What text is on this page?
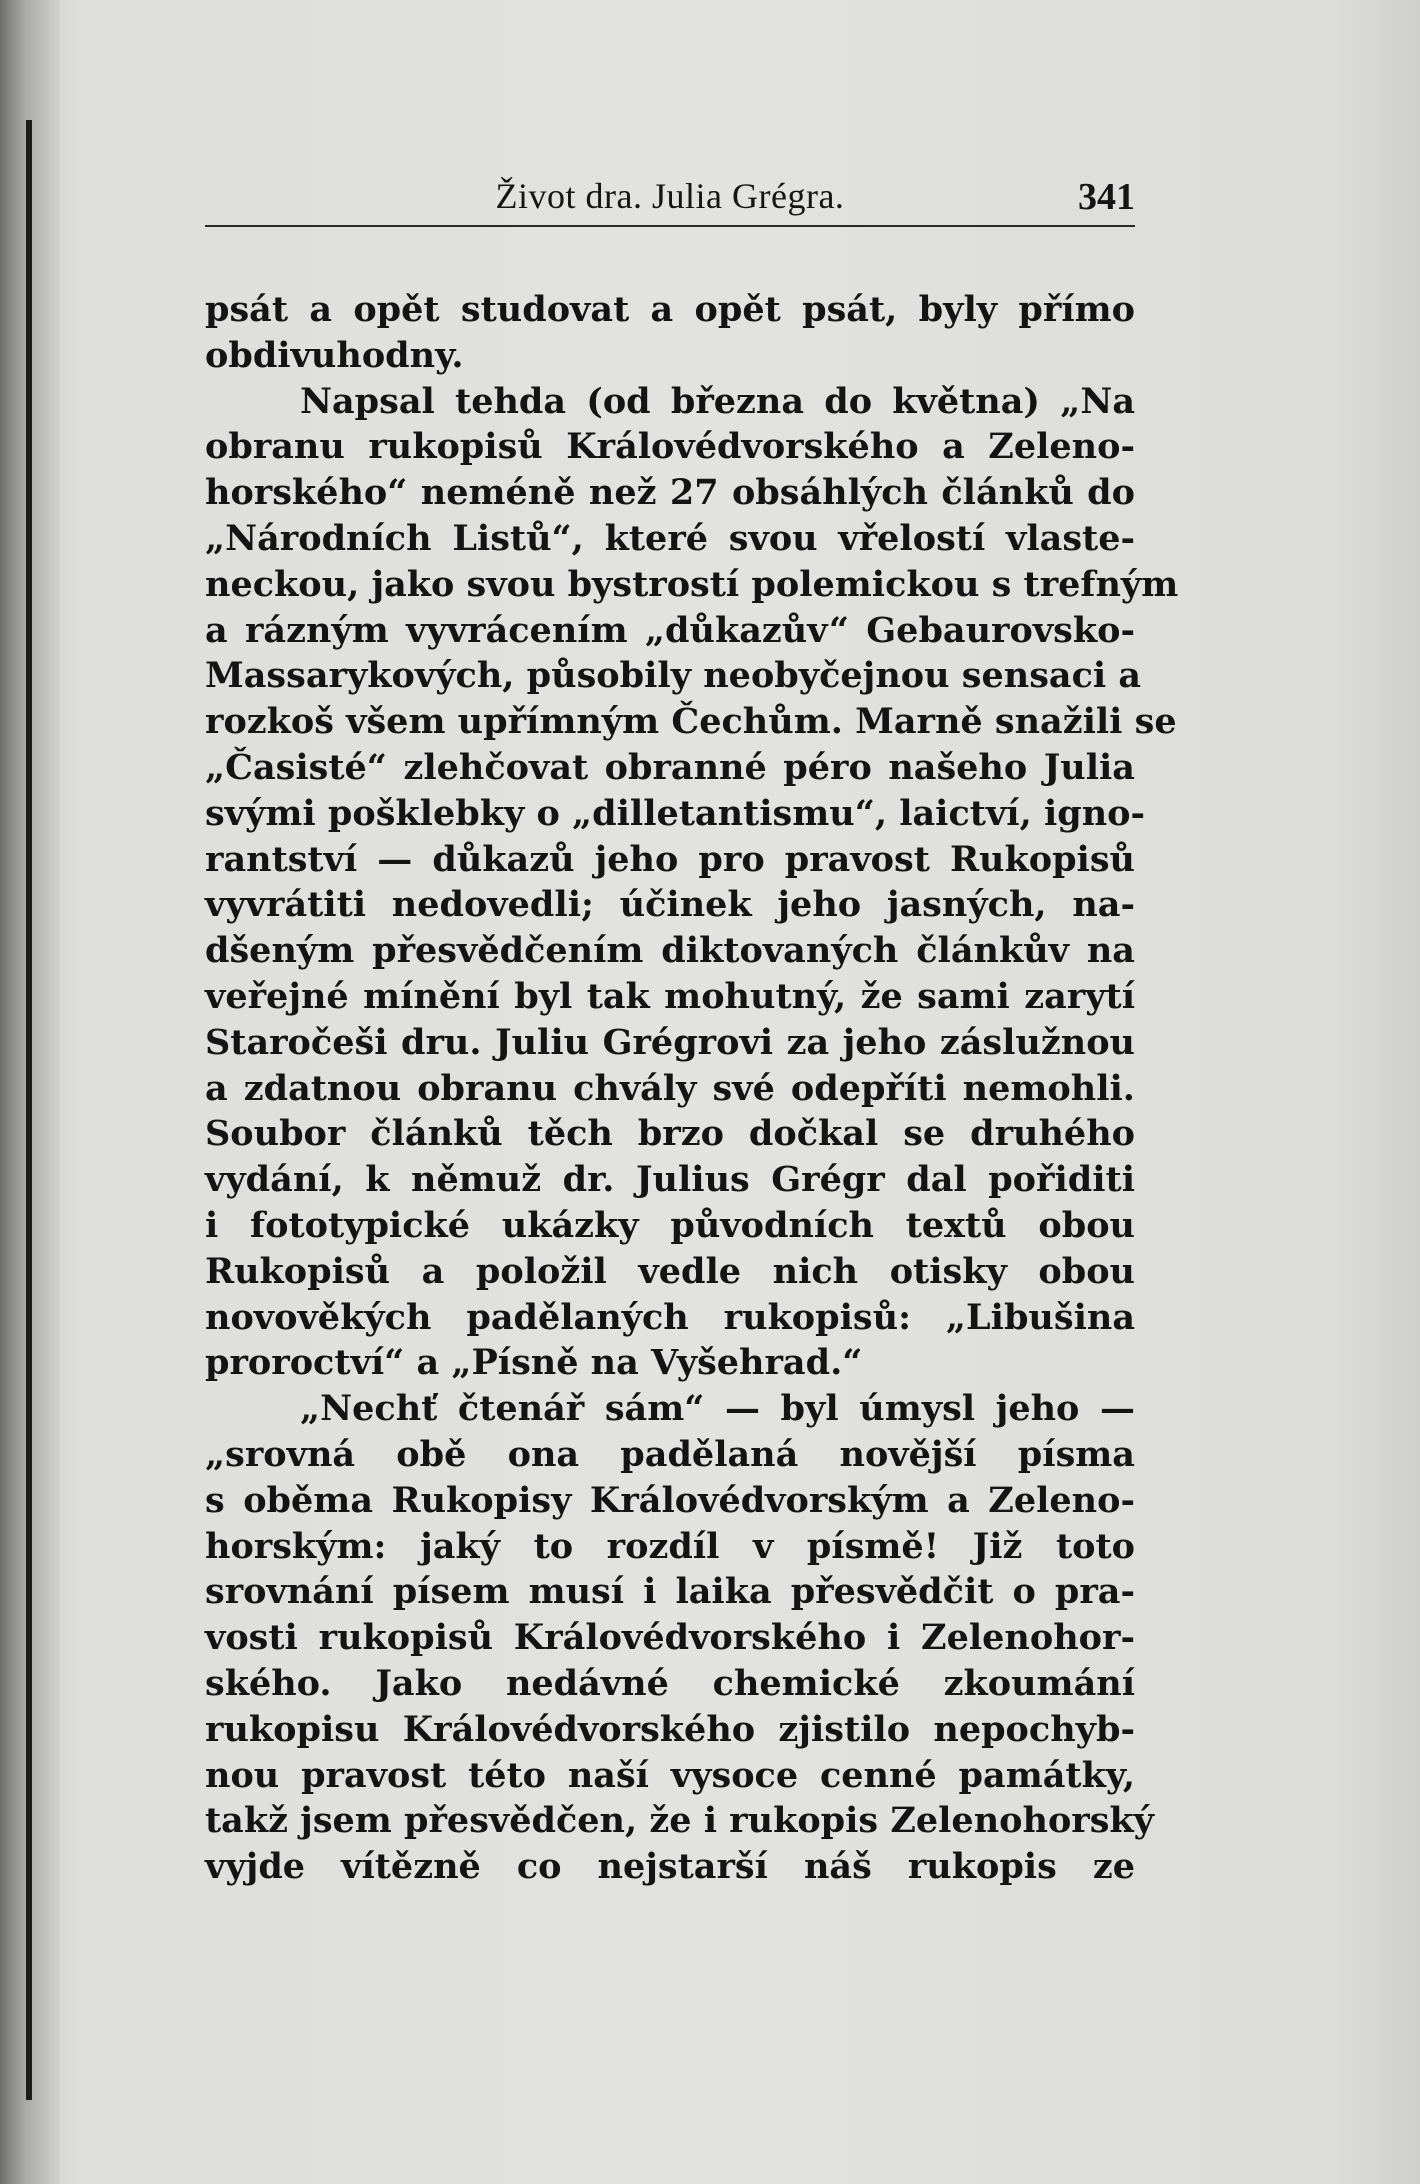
Život dra. Julia Grégra.	341
psát a opět studovat a opět psát, byly přímo
obdivuhodny.
Napsal tehda (od března do května) „Na
obranu rukopisů Královédvorského a Zeleno-
horského“ neméně než 27 obsáhlých článků do
„Národních Listů“, které svou vřelostí vlaste-
neckou, jako svou bystrostí polemickou s trefným
a rázným vyvrácením „důkazův“ Gebaurovsko-
Massarykových, působily neobyčejnou sensaci a
rozkoš všem upřímným Čechům. Marně snažili se
„Časisté“ zlehčovat obranné péro našeho Julia
svými pošklebky o „dilletantismu“, laictví, igno-
rantství — důkazů jeho pro pravost Rukopisů
vyvrátiti nedovedli; účinek jeho jasných, na-
dšeným přesvědčením diktovaných článkův na
veřejné mínění byl tak mohutný, že sami zarytí
Staročeši dru. Juliu Grégrovi za jeho záslužnou
a zdatnou obranu chvály své odepříti nemohli.
Soubor článků těch brzo dočkal se druhého
vydání, k němuž dr. Julius Grégr dal pořiditi
i fototypické ukázky původních textů obou
Rukopisů a položil vedle nich otisky obou
novověkých padělaných rukopisů: „Libušina
proroctví“ a „Písně na Vyšehrad.“
„Nechť čtenář sám“ — byl úmysl jeho —
„srovná obě ona padělaná novější písma
s oběma Rukopisy Královédvorským a Zeleno-
horským: jaký to rozdíl v písmě! Již toto
srovnání písem musí i laika přesvědčit o pra-
vosti rukopisů Královédvorského i Zelenohor-
ského. Jako nedávné chemické zkoumání
rukopisu Královédvorského zjistilo nepochyb-
nou pravost této naší vysoce cenné památky,
takž jsem přesvědčen, že i rukopis Zelenohorský
vyjde vítězně co nejstarší náš rukopis ze
